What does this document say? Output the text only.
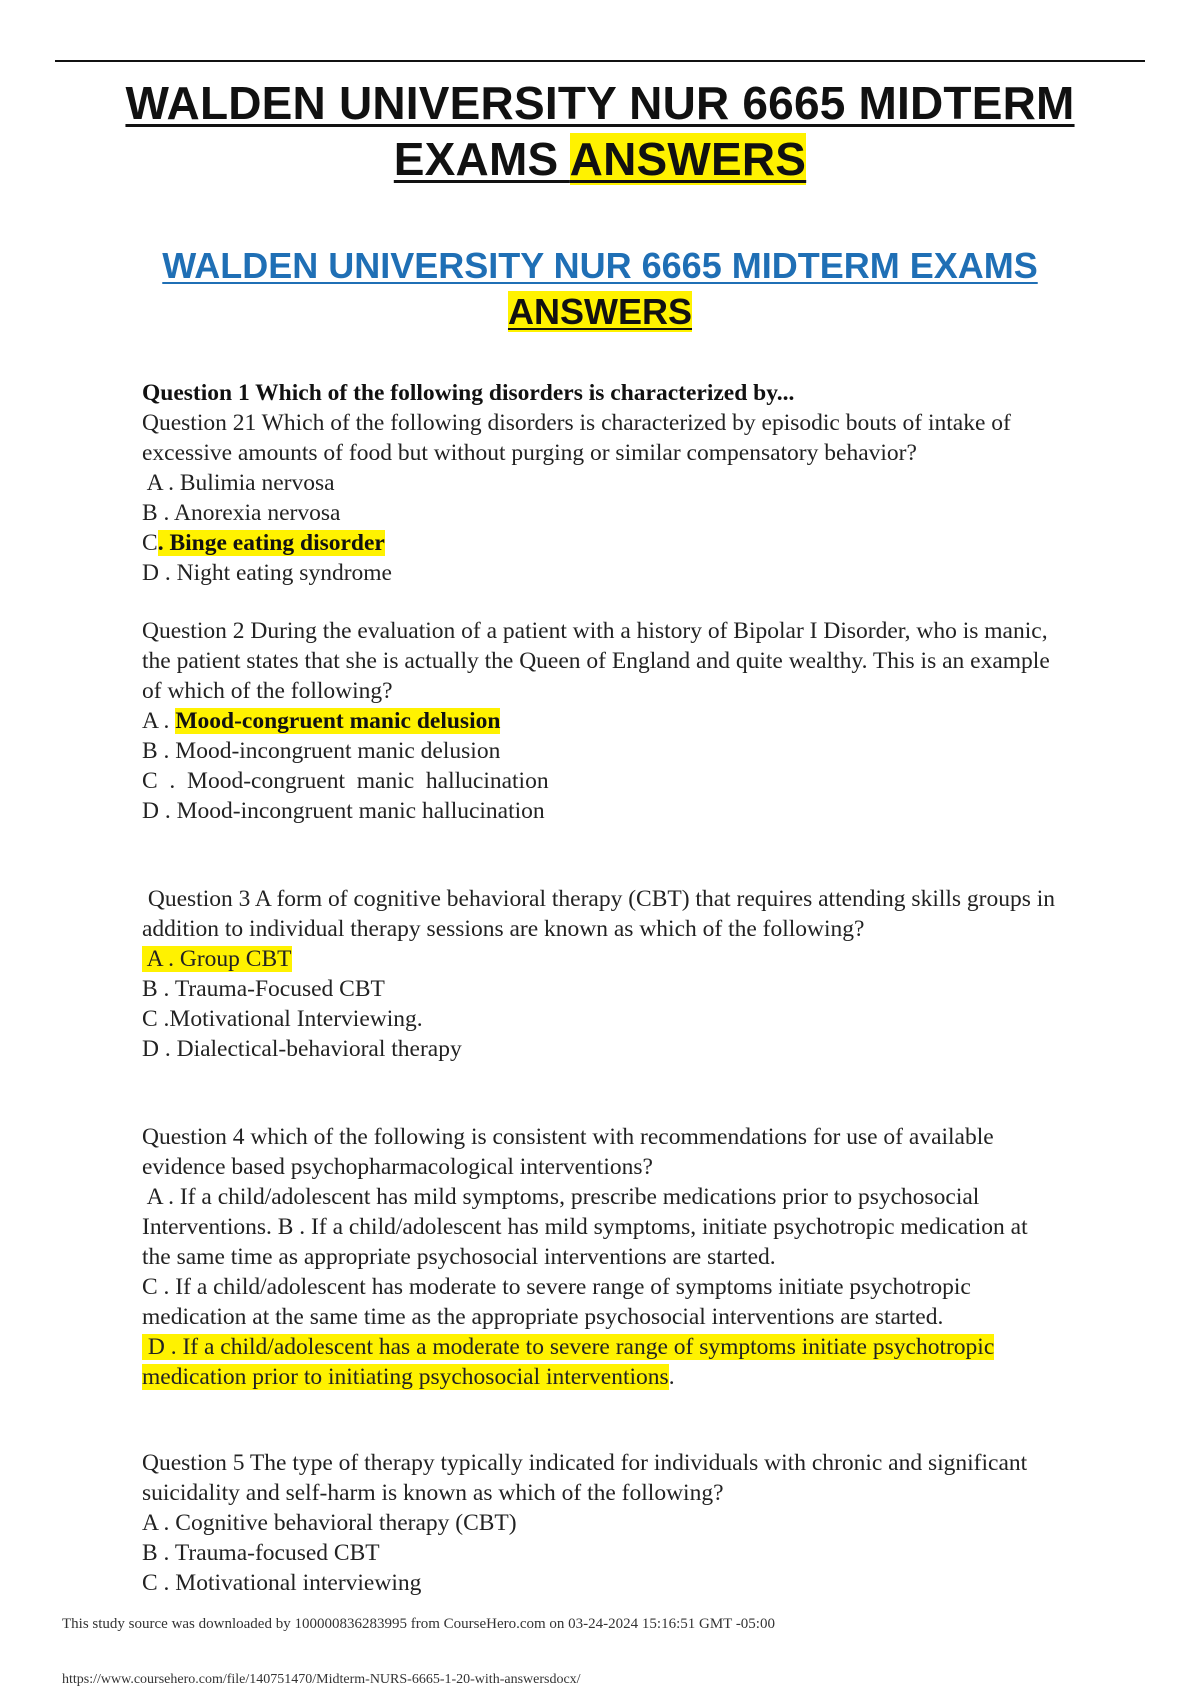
WALDEN UNIVERSITY NUR 6665 MIDTERM
EXAMS ANSWERS

WALDEN UNIVERSITY NUR 6665 MIDTERM EXAMS
ANSWERS

Question 1 Which of the following disorders is characterized by...

Question 21 Which of the following disorders is characterized by episodic bouts of intake of

excessive amounts of food but without purging or similar compensatory behavior?

A . Bulimia nervosa

B . Anorexia nervosa

C. Binge eating disorder

D . Night eating syndrome

Question 2 During the evaluation of a patient with a history of Bipolar I Disorder, who is manic,

the patient states that she is actually the Queen of England and quite wealthy. This is an example

of which of the following?

A . Mood-congruent manic delusion

B . Mood-incongruent manic delusion

C  .  Mood-congruent  manic  hallucination

D . Mood-incongruent manic hallucination

Question 3 A form of cognitive behavioral therapy (CBT) that requires attending skills groups in

addition to individual therapy sessions are known as which of the following?

A . Group CBT

B . Trauma-Focused CBT

C .Motivational Interviewing.

D . Dialectical-behavioral therapy

Question 4 which of the following is consistent with recommendations for use of available

evidence based psychopharmacological interventions?

A . If a child/adolescent has mild symptoms, prescribe medications prior to psychosocial

Interventions. B . If a child/adolescent has mild symptoms, initiate psychotropic medication at

the same time as appropriate psychosocial interventions are started.

C . If a child/adolescent has moderate to severe range of symptoms initiate psychotropic

medication at the same time as the appropriate psychosocial interventions are started.

D . If a child/adolescent has a moderate to severe range of symptoms initiate psychotropic

medication prior to initiating psychosocial interventions.

Question 5 The type of therapy typically indicated for individuals with chronic and significant

suicidality and self-harm is known as which of the following?

A . Cognitive behavioral therapy (CBT)

B . Trauma-focused CBT

C . Motivational interviewing

This study source was downloaded by 100000836283995 from CourseHero.com on 03-24-2024 15:16:51 GMT -05:00
https://www.coursehero.com/file/140751470/Midterm-NURS-6665-1-20-with-answersdocx/
